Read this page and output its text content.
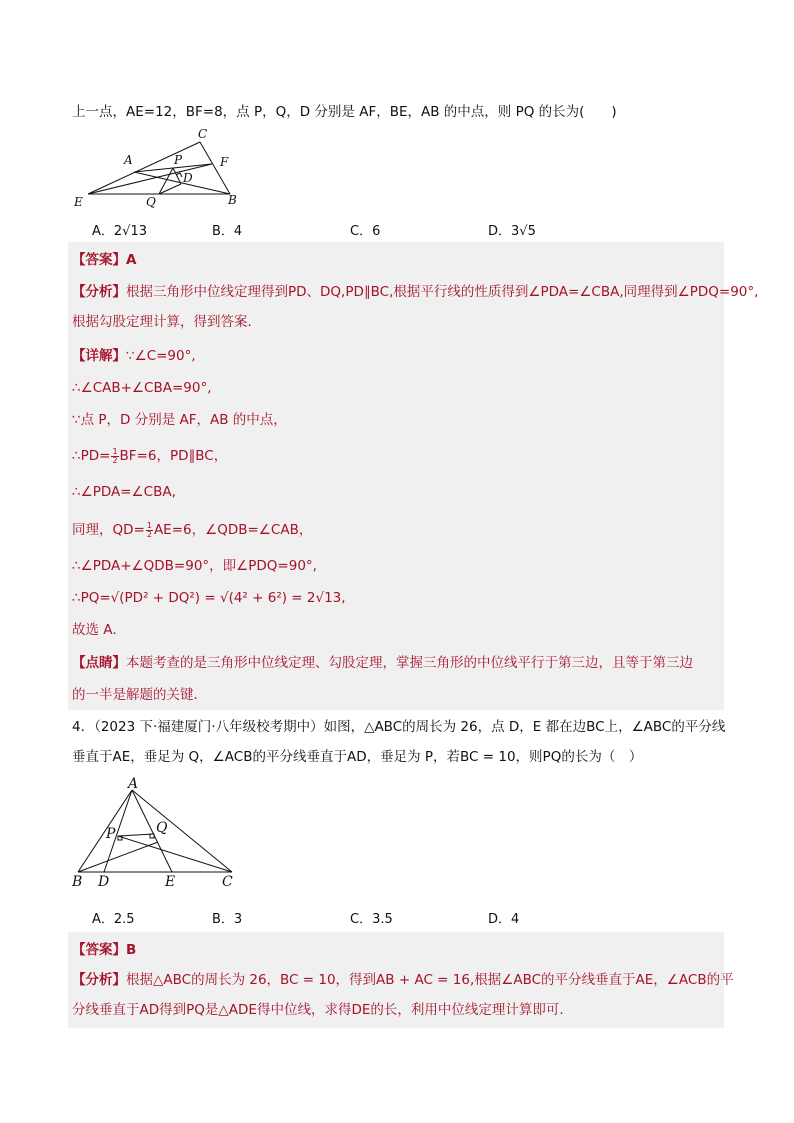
上一点，AE=12，BF=8，点 P，Q，D 分别是 AF，BE，AB 的中点，则 PQ 的长为(　　)
C
A	P	F
D
E	Q	B
A．2√13	B．4	C．6	D．3√5
【答案】A
【分析】根据三角形中位线定理得到PD、DQ,PD∥BC,根据平行线的性质得到∠PDA=∠CBA,同理得到∠PDQ=90°,
根据勾股定理计算，得到答案．
【详解】∵∠C=90°,
∴∠CAB+∠CBA=90°,
∵点 P，D 分别是 AF，AB 的中点，
∴PD= $\frac{1}{2} BF=6$，PD∥BC，
∴∠PDA=∠CBA,
同理，$QD= \frac{1}{2} AE=6$，∠QDB=∠CAB，
∴∠PDA+∠QDB=90°，即∠PDQ=90°,
∴PQ=√(PD² + DQ²) = √(4² + 6²) = 2√13,
故选 A．
【点睛】本题考查的是三角形中位线定理、勾股定理，掌握三角形的中位线平行于第三边，且等于第三边
的一半是解题的关键．
4．（2023 下·福建厦门·八年级校考期中）如图，△ABC的周长为 26，点 D，E 都在边BC上，∠ABC的平分线
垂直于AE，垂足为 Q，∠ACB的平分线垂直于AD，垂足为 P，若BC = 10，则PQ的长为（　）
A
P	Q
B D	E	C
A．2.5	B．3	C．3.5	D．4
【答案】B
【分析】根据△ABC的周长为 26，BC = 10，得到AB + AC = 16,根据∠ABC的平分线垂直于AE，∠ACB的平
分线垂直于AD得到PQ是△ADE得中位线，求得DE的长，利用中位线定理计算即可.
